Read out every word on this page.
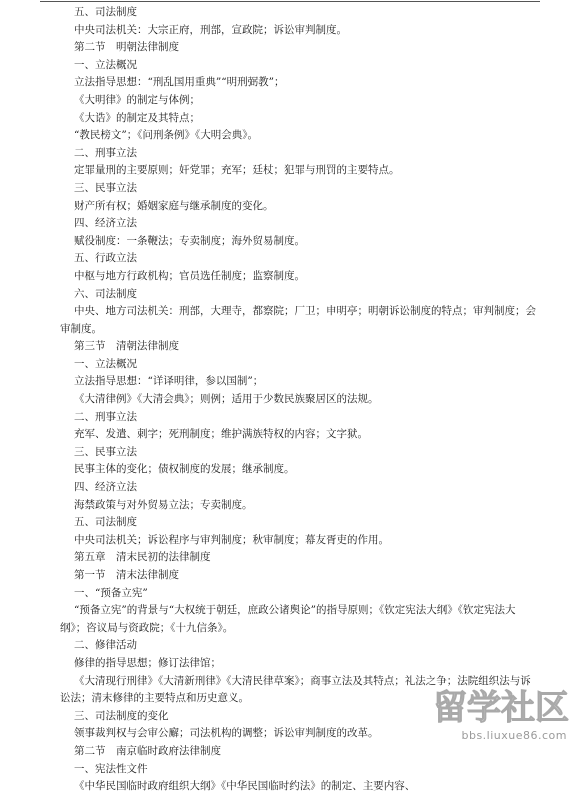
五、司法制度
中央司法机关：大宗正府，刑部，宣政院；诉讼审判制度。
第二节　明朝法律制度
一、立法概况
立法指导思想：“刑乱国用重典”“明刑弼教”；
《大明律》的制定与体例；
《大诰》的制定及其特点；
“教民榜文”；《问刑条例》《大明会典》。
二、刑事立法
定罪量刑的主要原则；奸党罪；充军；廷杖；犯罪与刑罚的主要特点。
三、民事立法
财产所有权；婚姻家庭与继承制度的变化。
四、经济立法
赋役制度：一条鞭法；专卖制度；海外贸易制度。
五、行政立法
中枢与地方行政机构；官员选任制度；监察制度。
六、司法制度
中央、地方司法机关：刑部，大理寺，都察院；厂卫；申明亭；明朝诉讼制度的特点；审判制度；会
审制度。
第三节　清朝法律制度
一、立法概况
立法指导思想：“详译明律，参以国制”；
《大清律例》《大清会典》；则例；适用于少数民族聚居区的法规。
二、刑事立法
充军、发遣、刺字；死刑制度；维护满族特权的内容；文字狱。
三、民事立法
民事主体的变化；债权制度的发展；继承制度。
四、经济立法
海禁政策与对外贸易立法；专卖制度。
五、司法制度
中央司法机关；诉讼程序与审判制度；秋审制度；幕友胥吏的作用。
第五章　清末民初的法律制度
第一节　清末法律制度
一、“预备立宪”
“预备立宪”的背景与“大权统于朝廷，庶政公诸舆论”的指导原则；《钦定宪法大纲》《钦定宪法大
纲》；咨议局与资政院；《十九信条》。
二、修律活动
修律的指导思想；修订法律馆；
《大清现行刑律》《大清新刑律》《大清民律草案》；商事立法及其特点；礼法之争；法院组织法与诉
讼法；清末修律的主要特点和历史意义。
三、司法制度的变化
领事裁判权与会审公廨；司法机构的调整；诉讼审判制度的改革。
第二节　南京临时政府法律制度
一、宪法性文件
《中华民国临时政府组织大纲》《中华民国临时约法》的制定、主要内容、
留学社区
bbs.liuxue86.com
